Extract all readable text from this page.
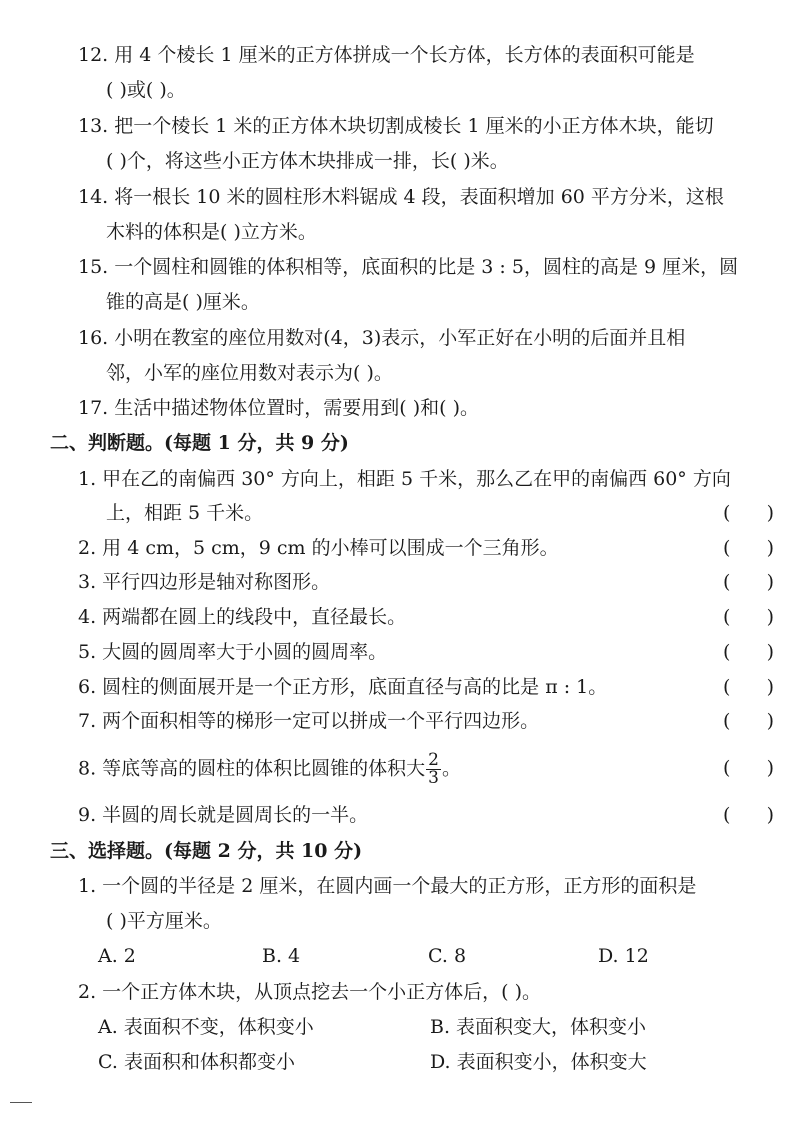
12. 用 4 个棱长 1 厘米的正方体拼成一个长方体，长方体的表面积可能是
( )或( )。
13. 把一个棱长 1 米的正方体木块切割成棱长 1 厘米的小正方体木块，能切
( )个，将这些小正方体木块排成一排，长( )米。
14. 将一根长 10 米的圆柱形木料锯成 4 段，表面积增加 60 平方分米，这根
木料的体积是( )立方米。
15. 一个圆柱和圆锥的体积相等，底面积的比是 3 : 5，圆柱的高是 9 厘米，圆
锥的高是( )厘米。
16. 小明在教室的座位用数对(4，3)表示，小军正好在小明的后面并且相
邻，小军的座位用数对表示为( )。
17. 生活中描述物体位置时，需要用到( )和( )。
二、判断题。(每题 1 分，共 9 分)
1. 甲在乙的南偏西 30° 方向上，相距 5 千米，那么乙在甲的南偏西 60° 方向
上，相距 5 千米。	(      )
2. 用 4 cm，5 cm，9 cm 的小棒可以围成一个三角形。	(      )
3. 平行四边形是轴对称图形。	(      )
4. 两端都在圆上的线段中，直径最长。	(      )
5. 大圆的圆周率大于小圆的圆周率。	(      )
6. 圆柱的侧面展开是一个正方形，底面直径与高的比是 π : 1。	(      )
7. 两个面积相等的梯形一定可以拼成一个平行四边形。	(      )
8. 等底等高的圆柱的体积比圆锥的体积大 $\frac{2}{3}$ 。	(      )
9. 半圆的周长就是圆周长的一半。	(      )
三、选择题。(每题 2 分，共 10 分)
1. 一个圆的半径是 2 厘米，在圆内画一个最大的正方形，正方形的面积是
( )平方厘米。
A. 2	B. 4	C. 8	D. 12
2. 一个正方体木块，从顶点挖去一个小正方体后，( )。
A. 表面积不变，体积变小	B. 表面积变大，体积变小
C. 表面积和体积都变小	D. 表面积变小，体积变大
